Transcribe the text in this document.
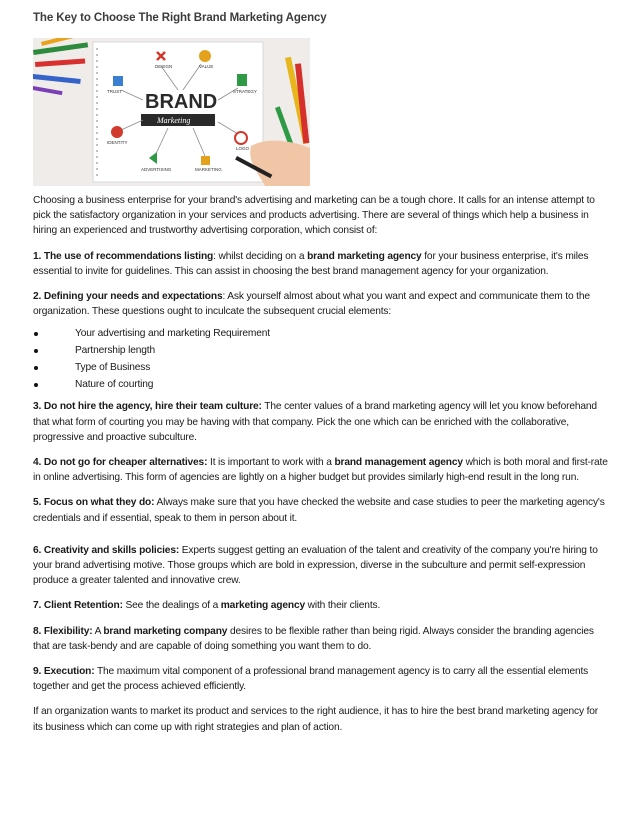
The Key to Choose The Right Brand Marketing Agency
BRAND
Marketing
DESIGN	VALUE
TRUST	STRATEGY
IDENTITY
LOGO
ADVERTISING	MARKETING

Choosing a business enterprise for your brand's advertising and marketing can be a tough chore. It calls for an intense attempt to pick the satisfactory organization in your services and products advertising. There are several of things which help a business in hiring an experienced and trustworthy advertising corporation, which consist of:

1. The use of recommendations listing: whilst deciding on a brand marketing agency for your business enterprise, it's miles essential to invite for guidelines. This can assist in choosing the best brand management agency for your organization.

2. Defining your needs and expectations: Ask yourself almost about what you want and expect and communicate them to the organization. These questions ought to inculcate the subsequent crucial elements:

Your advertising and marketing Requirement
Partnership length
Type of Business
Nature of courting

3. Do not hire the agency, hire their team culture: The center values of a brand marketing agency will let you know beforehand that what form of courting you may be having with that company. Pick the one which can be enriched with the collaborative, progressive and proactive subculture.

4. Do not go for cheaper alternatives: It is important to work with a brand management agency which is both moral and first-rate in online advertising. This form of agencies are lightly on a higher budget but provides similarly high-end result in the long run.

5. Focus on what they do: Always make sure that you have checked the website and case studies to peer the marketing agency's credentials and if essential, speak to them in person about it.

6. Creativity and skills policies: Experts suggest getting an evaluation of the talent and creativity of the company you're hiring to your brand advertising motive. Those groups which are bold in expression, diverse in the subculture and permit self-expression produce a greater talented and innovative crew.

7. Client Retention: See the dealings of a marketing agency with their clients.

8. Flexibility: A brand marketing company desires to be flexible rather than being rigid. Always consider the branding agencies that are task-bendy and are capable of doing something you want them to do.

9. Execution: The maximum vital component of a professional brand management agency is to carry all the essential elements together and get the process achieved efficiently.

If an organization wants to market its product and services to the right audience, it has to hire the best brand marketing agency for its business which can come up with right strategies and plan of action.
